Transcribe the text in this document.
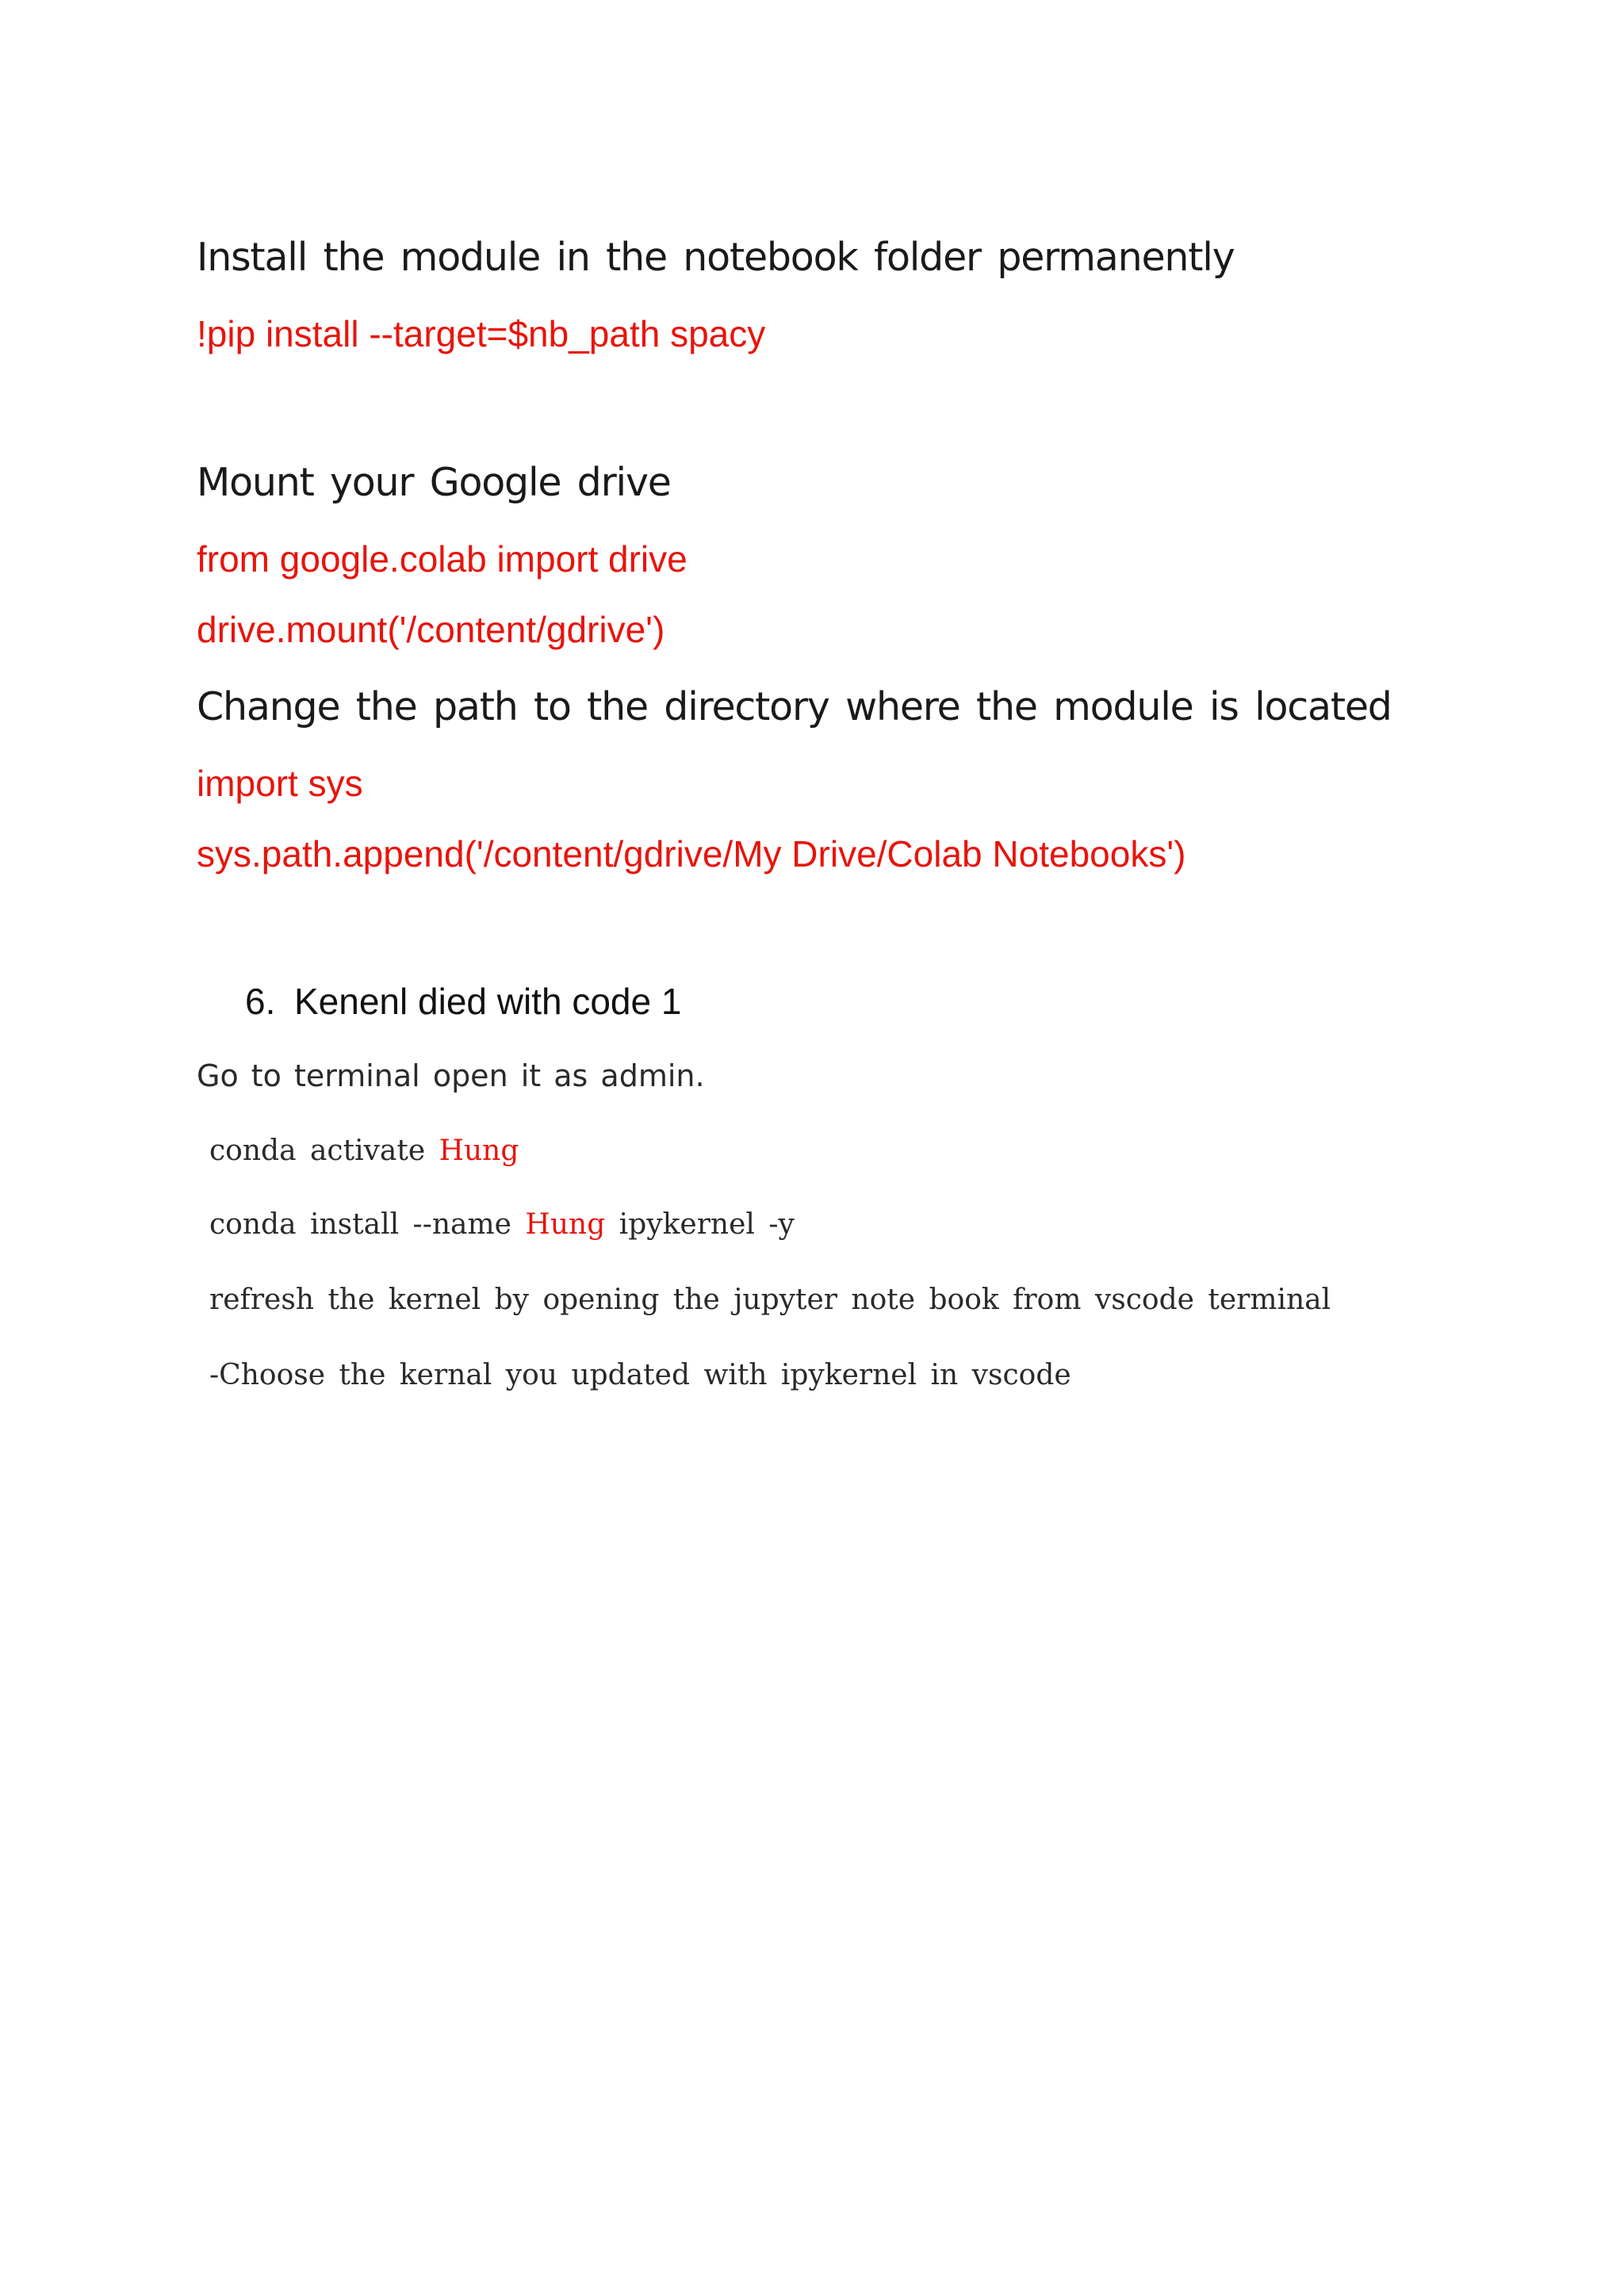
Install the module in the notebook folder permanently
!pip install --target=$nb_path spacy
Mount your Google drive
from google.colab import drive
drive.mount('/content/gdrive')
Change the path to the directory where the module is located
import sys
sys.path.append('/content/gdrive/My Drive/Colab Notebooks')
6. Kenenl died with code 1
Go to terminal open it as admin.
conda activate Hung
conda install --name Hung ipykernel -y
refresh the kernel by opening the jupyter note book from vscode terminal
-Choose the kernal you updated with ipykernel in vscode
